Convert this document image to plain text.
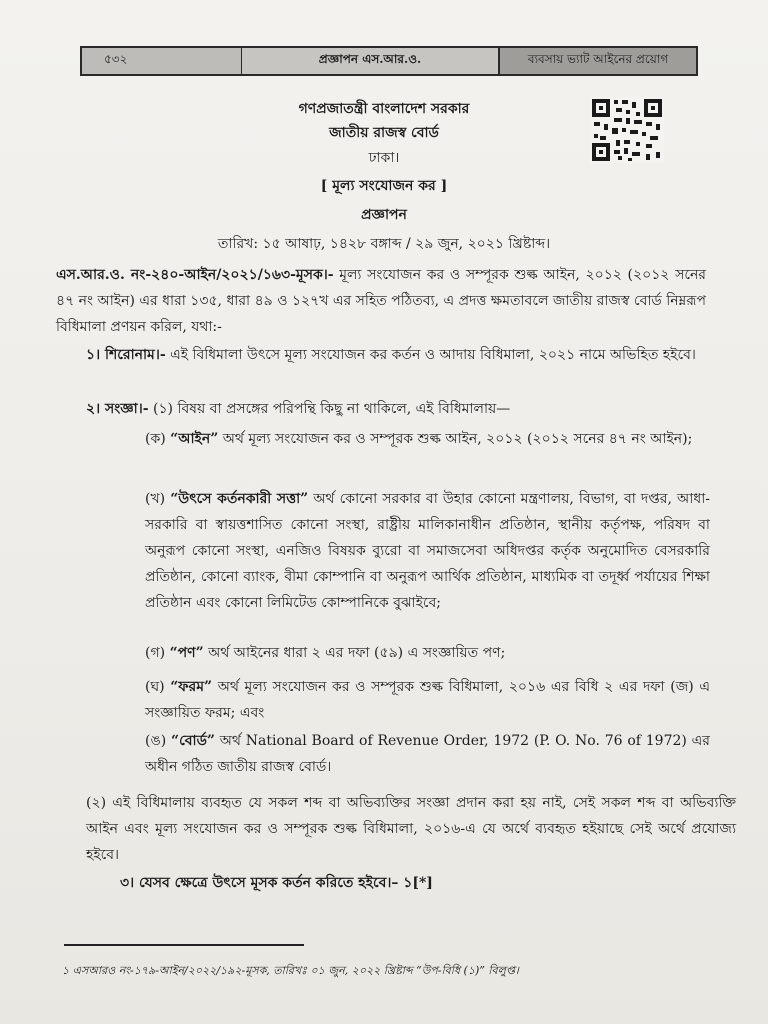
৫৩২	প্রজ্ঞাপন এস.আর.ও.	ব্যবসায় ভ্যাট আইনের প্রয়োগ
গণপ্রজাতন্ত্রী বাংলাদেশ সরকার
জাতীয় রাজস্ব বোর্ড
ঢাকা।
[ মূল্য সংযোজন কর ]
প্রজ্ঞাপন
তারিখ: ১৫ আষাঢ়, ১৪২৮ বঙ্গাব্দ / ২৯ জুন, ২০২১ খ্রিষ্টাব্দ।
এস.আর.ও. নং-২৪০-আইন/২০২১/১৬৩-মূসক।- মূল্য সংযোজন কর ও সম্পূরক শুল্ক আইন, ২০১২ (২০১২ সনের ৪৭ নং আইন) এর ধারা ১৩৫, ধারা ৪৯ ও ১২৭খ এর সহিত পঠিতব্য, এ প্রদত্ত ক্ষমতাবলে জাতীয় রাজস্ব বোর্ড নিম্নরূপ বিধিমালা প্রণয়ন করিল, যথা:-
১। শিরোনাম।- এই বিধিমালা উৎসে মূল্য সংযোজন কর কর্তন ও আদায় বিধিমালা, ২০২১ নামে অভিহিত হইবে।
২। সংজ্ঞা।- (১) বিষয় বা প্রসঙ্গের পরিপন্থি কিছু না থাকিলে, এই বিধিমালায়—
(ক) “আইন” অর্থ মূল্য সংযোজন কর ও সম্পূরক শুল্ক আইন, ২০১২ (২০১২ সনের ৪৭ নং আইন);
(খ) “উৎসে কর্তনকারী সত্তা” অর্থ কোনো সরকার বা উহার কোনো মন্ত্রণালয়, বিভাগ, বা দপ্তর, আধা-সরকারি বা স্বায়ত্তশাসিত কোনো সংস্থা, রাষ্ট্রীয় মালিকানাধীন প্রতিষ্ঠান, স্থানীয় কর্তৃপক্ষ, পরিষদ বা অনুরূপ কোনো সংস্থা, এনজিও বিষয়ক ব্যুরো বা সমাজসেবা অধিদপ্তর কর্তৃক অনুমোদিত বেসরকারি প্রতিষ্ঠান, কোনো ব্যাংক, বীমা কোম্পানি বা অনুরূপ আর্থিক প্রতিষ্ঠান, মাধ্যমিক বা তদূর্ধ্ব পর্যায়ের শিক্ষা প্রতিষ্ঠান এবং কোনো লিমিটেড কোম্পানিকে বুঝাইবে;
(গ) “পণ” অর্থ আইনের ধারা ২ এর দফা (৫৯) এ সংজ্ঞায়িত পণ;
(ঘ) “ফরম” অর্থ মূল্য সংযোজন কর ও সম্পূরক শুল্ক বিধিমালা, ২০১৬ এর বিধি ২ এর দফা (জ) এ সংজ্ঞায়িত ফরম; এবং
(ঙ) “বোর্ড” অর্থ National Board of Revenue Order, 1972 (P. O. No. 76 of 1972) এর অধীন গঠিত জাতীয় রাজস্ব বোর্ড।
(২) এই বিধিমালায় ব্যবহৃত যে সকল শব্দ বা অভিব্যক্তির সংজ্ঞা প্রদান করা হয় নাই, সেই সকল শব্দ বা অভিব্যক্তি আইন এবং মূল্য সংযোজন কর ও সম্পূরক শুল্ক বিধিমালা, ২০১৬-এ যে অর্থে ব্যবহৃত হইয়াছে সেই অর্থে প্রযোজ্য হইবে।
৩। যেসব ক্ষেত্রে উৎসে মূসক কর্তন করিতে হইবে।– ১[*]
১ এসআরও নং-১৭৯-আইন/২০২২/১৯২-মূসক, তারিখঃ ০১ জুন, ২০২২ খ্রিষ্টাব্দ “উপ-বিধি (১)” বিলুপ্ত।
